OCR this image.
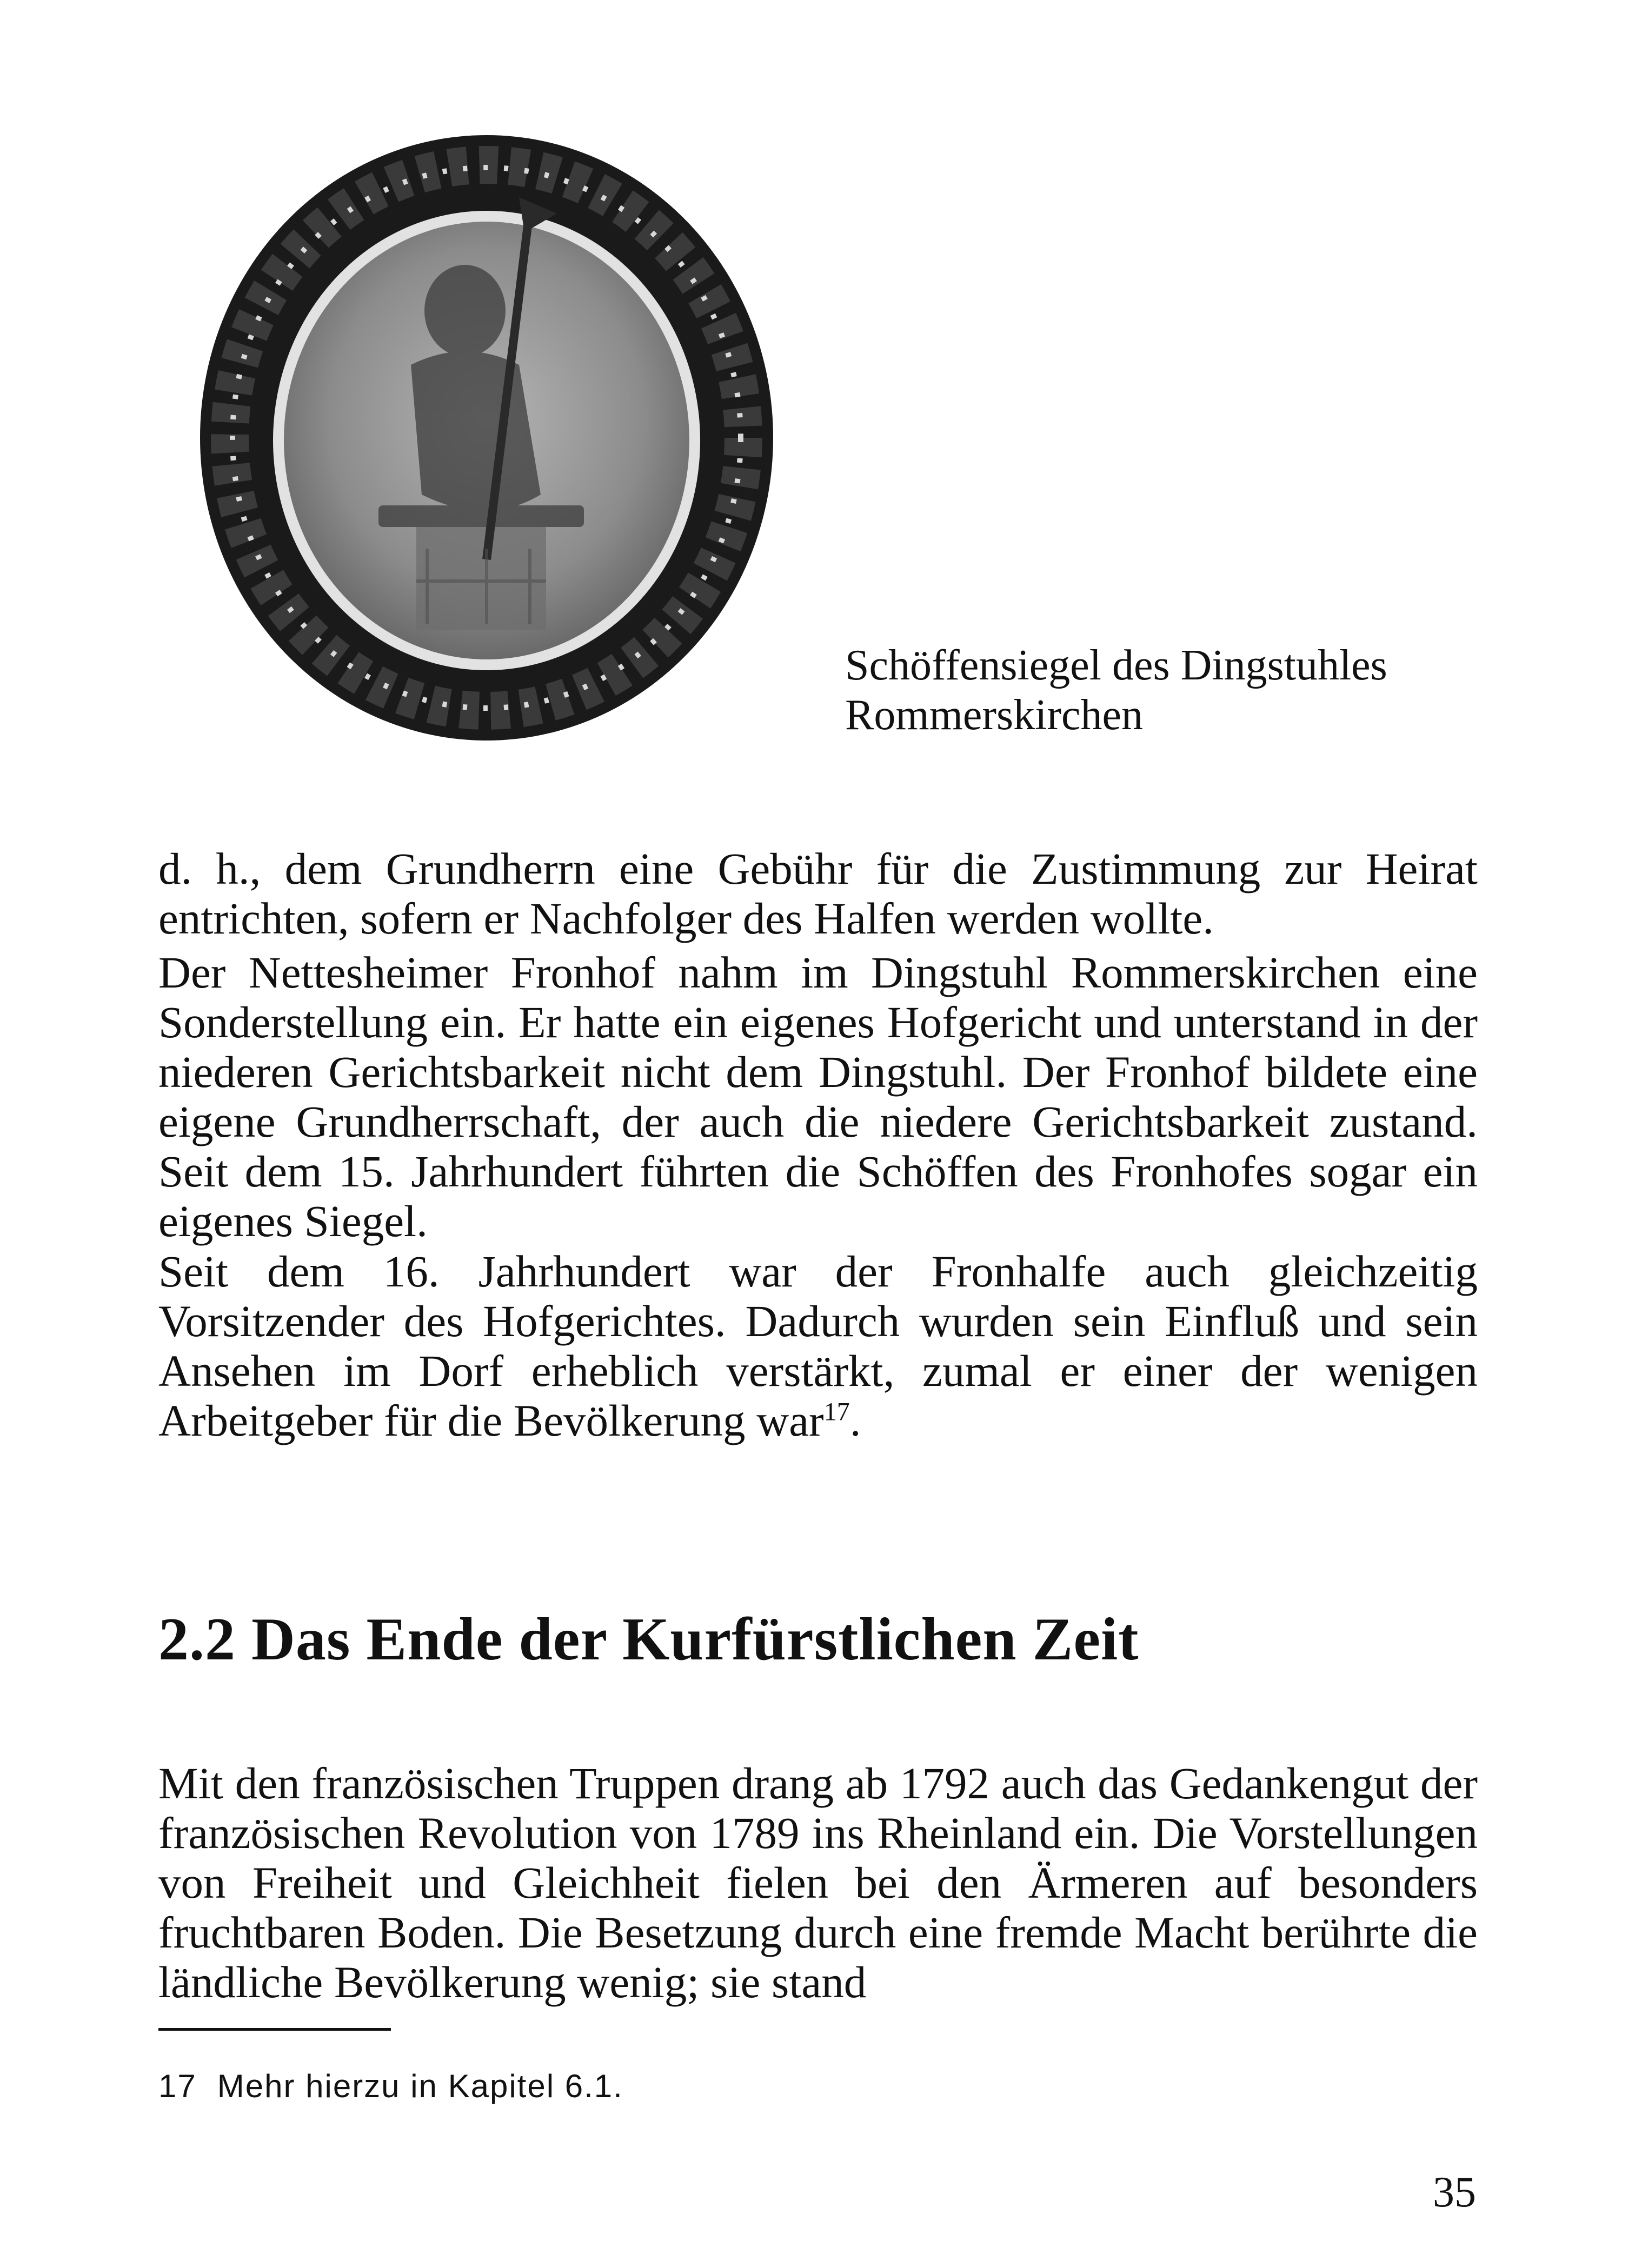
Schöffensiegel des Dingstuhles
Rommerskirchen

d. h., dem Grundherrn eine Gebühr für die Zustimmung zur Heirat entrichten, sofern er Nachfolger des Halfen werden wollte.

Der Nettesheimer Fronhof nahm im Dingstuhl Rommerskirchen eine Sonderstellung ein. Er hatte ein eigenes Hofgericht und unterstand in der niederen Gerichtsbarkeit nicht dem Dingstuhl. Der Fronhof bildete eine eigene Grundherrschaft, der auch die niedere Gerichtsbarkeit zustand. Seit dem 15. Jahrhundert führten die Schöffen des Fronhofes sogar ein eigenes Siegel.

Seit dem 16. Jahrhundert war der Fronhalfe auch gleichzeitig Vorsitzender des Hofgerichtes. Dadurch wurden sein Einfluß und sein Ansehen im Dorf erheblich verstärkt, zumal er einer der wenigen Arbeitgeber für die Bevölkerung war$^{17}$.

2.2 Das Ende der Kurfürstlichen Zeit

Mit den französischen Truppen drang ab 1792 auch das Gedankengut der französischen Revolution von 1789 ins Rheinland ein. Die Vorstellungen von Freiheit und Gleichheit fielen bei den Ärmeren auf besonders fruchtbaren Boden. Die Besetzung durch eine fremde Macht berührte die ländliche Bevölkerung wenig; sie stand

17 Mehr hierzu in Kapitel 6.1.
35
